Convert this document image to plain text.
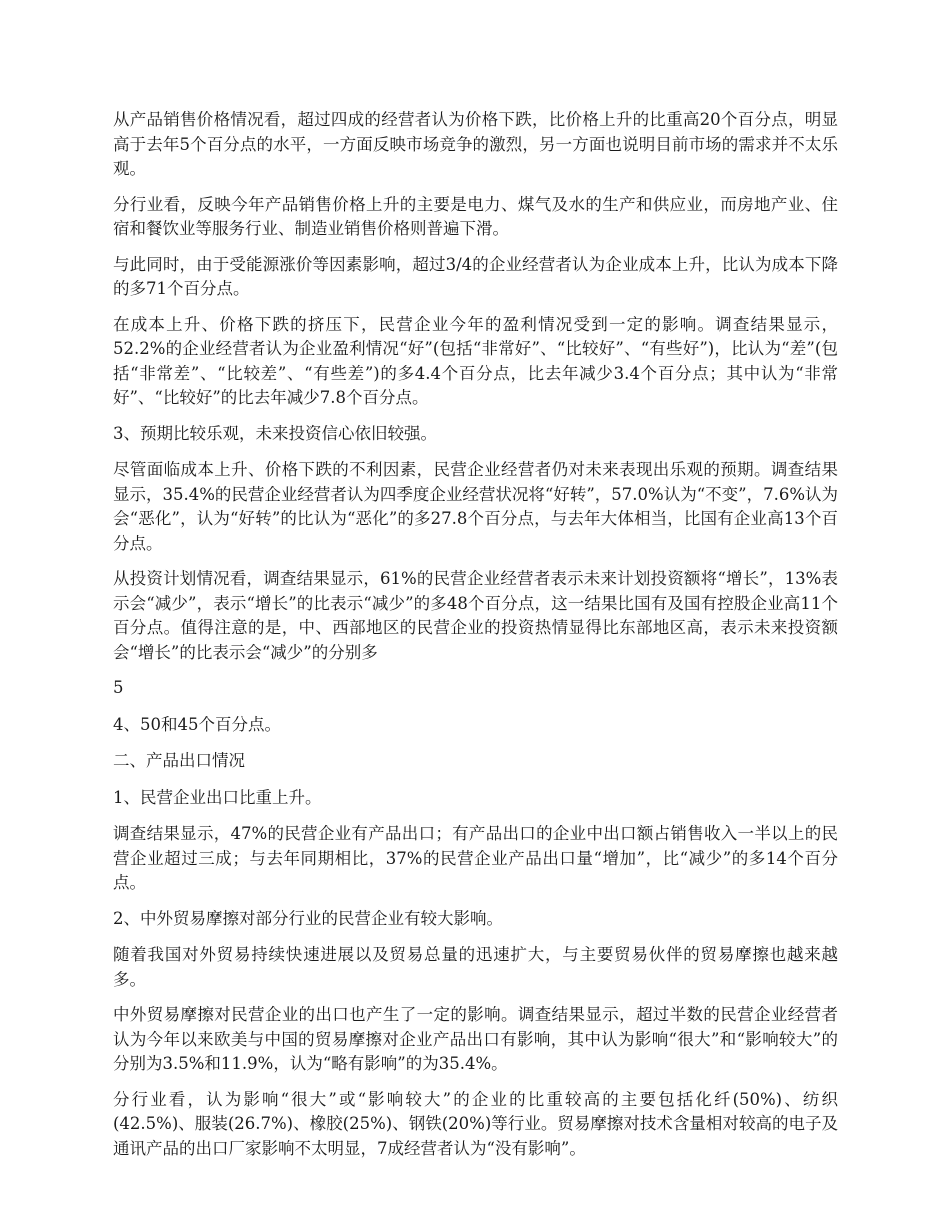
从产品销售价格情况看，超过四成的经营者认为价格下跌，比价格上升的比重高20个百分点，明显高于去年5个百分点的水平，一方面反映市场竞争的激烈，另一方面也说明目前市场的需求并不太乐观。

分行业看，反映今年产品销售价格上升的主要是电力、煤气及水的生产和供应业，而房地产业、住宿和餐饮业等服务行业、制造业销售价格则普遍下滑。

与此同时，由于受能源涨价等因素影响，超过3/4的企业经营者认为企业成本上升，比认为成本下降的多71个百分点。

在成本上升、价格下跌的挤压下，民营企业今年的盈利情况受到一定的影响。调查结果显示，52.2%的企业经营者认为企业盈利情况“好”(包括“非常好”、“比较好”、“有些好”)，比认为“差”(包括“非常差”、“比较差”、“有些差”)的多4.4个百分点，比去年减少3.4个百分点；其中认为“非常好”、“比较好”的比去年减少7.8个百分点。

3、预期比较乐观，未来投资信心依旧较强。

尽管面临成本上升、价格下跌的不利因素，民营企业经营者仍对未来表现出乐观的预期。调查结果显示，35.4%的民营企业经营者认为四季度企业经营状况将“好转”，57.0%认为“不变”，7.6%认为会“恶化”，认为“好转”的比认为“恶化”的多27.8个百分点，与去年大体相当，比国有企业高13个百分点。

从投资计划情况看，调查结果显示，61%的民营企业经营者表示未来计划投资额将“增长”，13%表示会“减少”，表示“增长”的比表示“减少”的多48个百分点，这一结果比国有及国有控股企业高11个百分点。值得注意的是，中、西部地区的民营企业的投资热情显得比东部地区高，表示未来投资额会“增长”的比表示会“减少”的分别多

5

4、50和45个百分点。

二、产品出口情况

1、民营企业出口比重上升。

调查结果显示，47%的民营企业有产品出口；有产品出口的企业中出口额占销售收入一半以上的民营企业超过三成；与去年同期相比，37%的民营企业产品出口量“增加”，比“减少”的多14个百分点。

2、中外贸易摩擦对部分行业的民营企业有较大影响。

随着我国对外贸易持续快速进展以及贸易总量的迅速扩大，与主要贸易伙伴的贸易摩擦也越来越多。

中外贸易摩擦对民营企业的出口也产生了一定的影响。调查结果显示，超过半数的民营企业经营者认为今年以来欧美与中国的贸易摩擦对企业产品出口有影响，其中认为影响“很大”和“影响较大”的分别为3.5%和11.9%，认为“略有影响”的为35.4%。

分行业看，认为影响“很大”或“影响较大”的企业的比重较高的主要包括化纤(50%)、纺织(42.5%)、服装(26.7%)、橡胶(25%)、钢铁(20%)等行业。贸易摩擦对技术含量相对较高的电子及通讯产品的出口厂家影响不太明显，7成经营者认为“没有影响”。
